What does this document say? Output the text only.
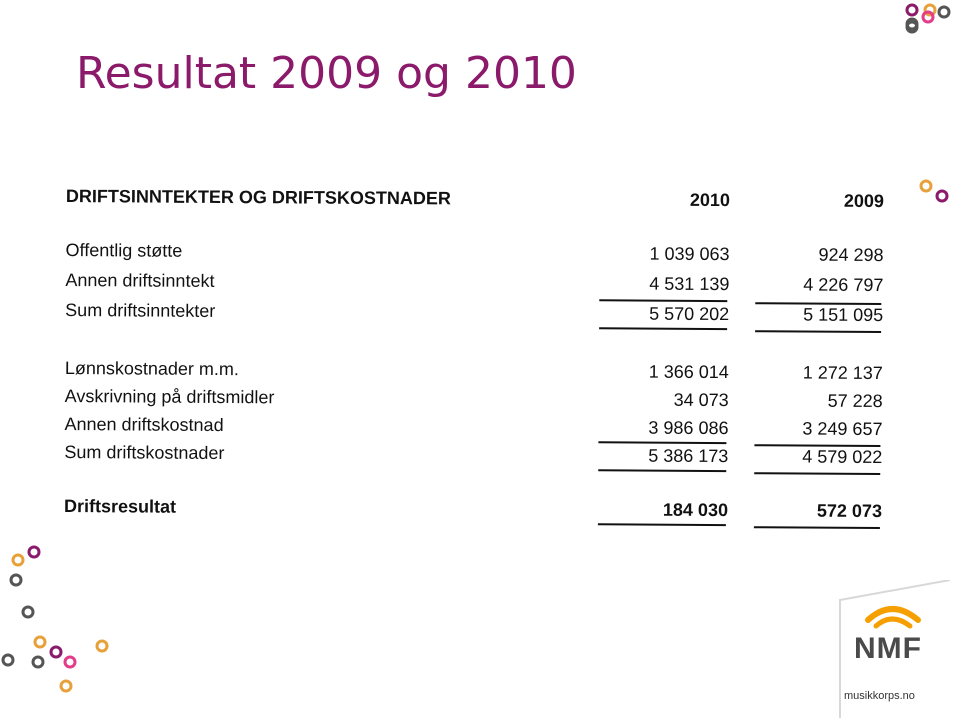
Resultat 2009 og 2010
DRIFTSINNTEKTER OG DRIFTSKOSTNADER	2010	2009
Offentlig støtte	1 039 063	924 298
Annen driftsinntekt	4 531 139	4 226 797
Sum driftsinntekter	5 570 202	5 151 095
Lønnskostnader m.m.	1 366 014	1 272 137
Avskrivning på driftsmidler	34 073	57 228
Annen driftskostnad	3 986 086	3 249 657
Sum driftskostnader	5 386 173	4 579 022
Driftsresultat	184 030	572 073
NMF
musikkorps.no
